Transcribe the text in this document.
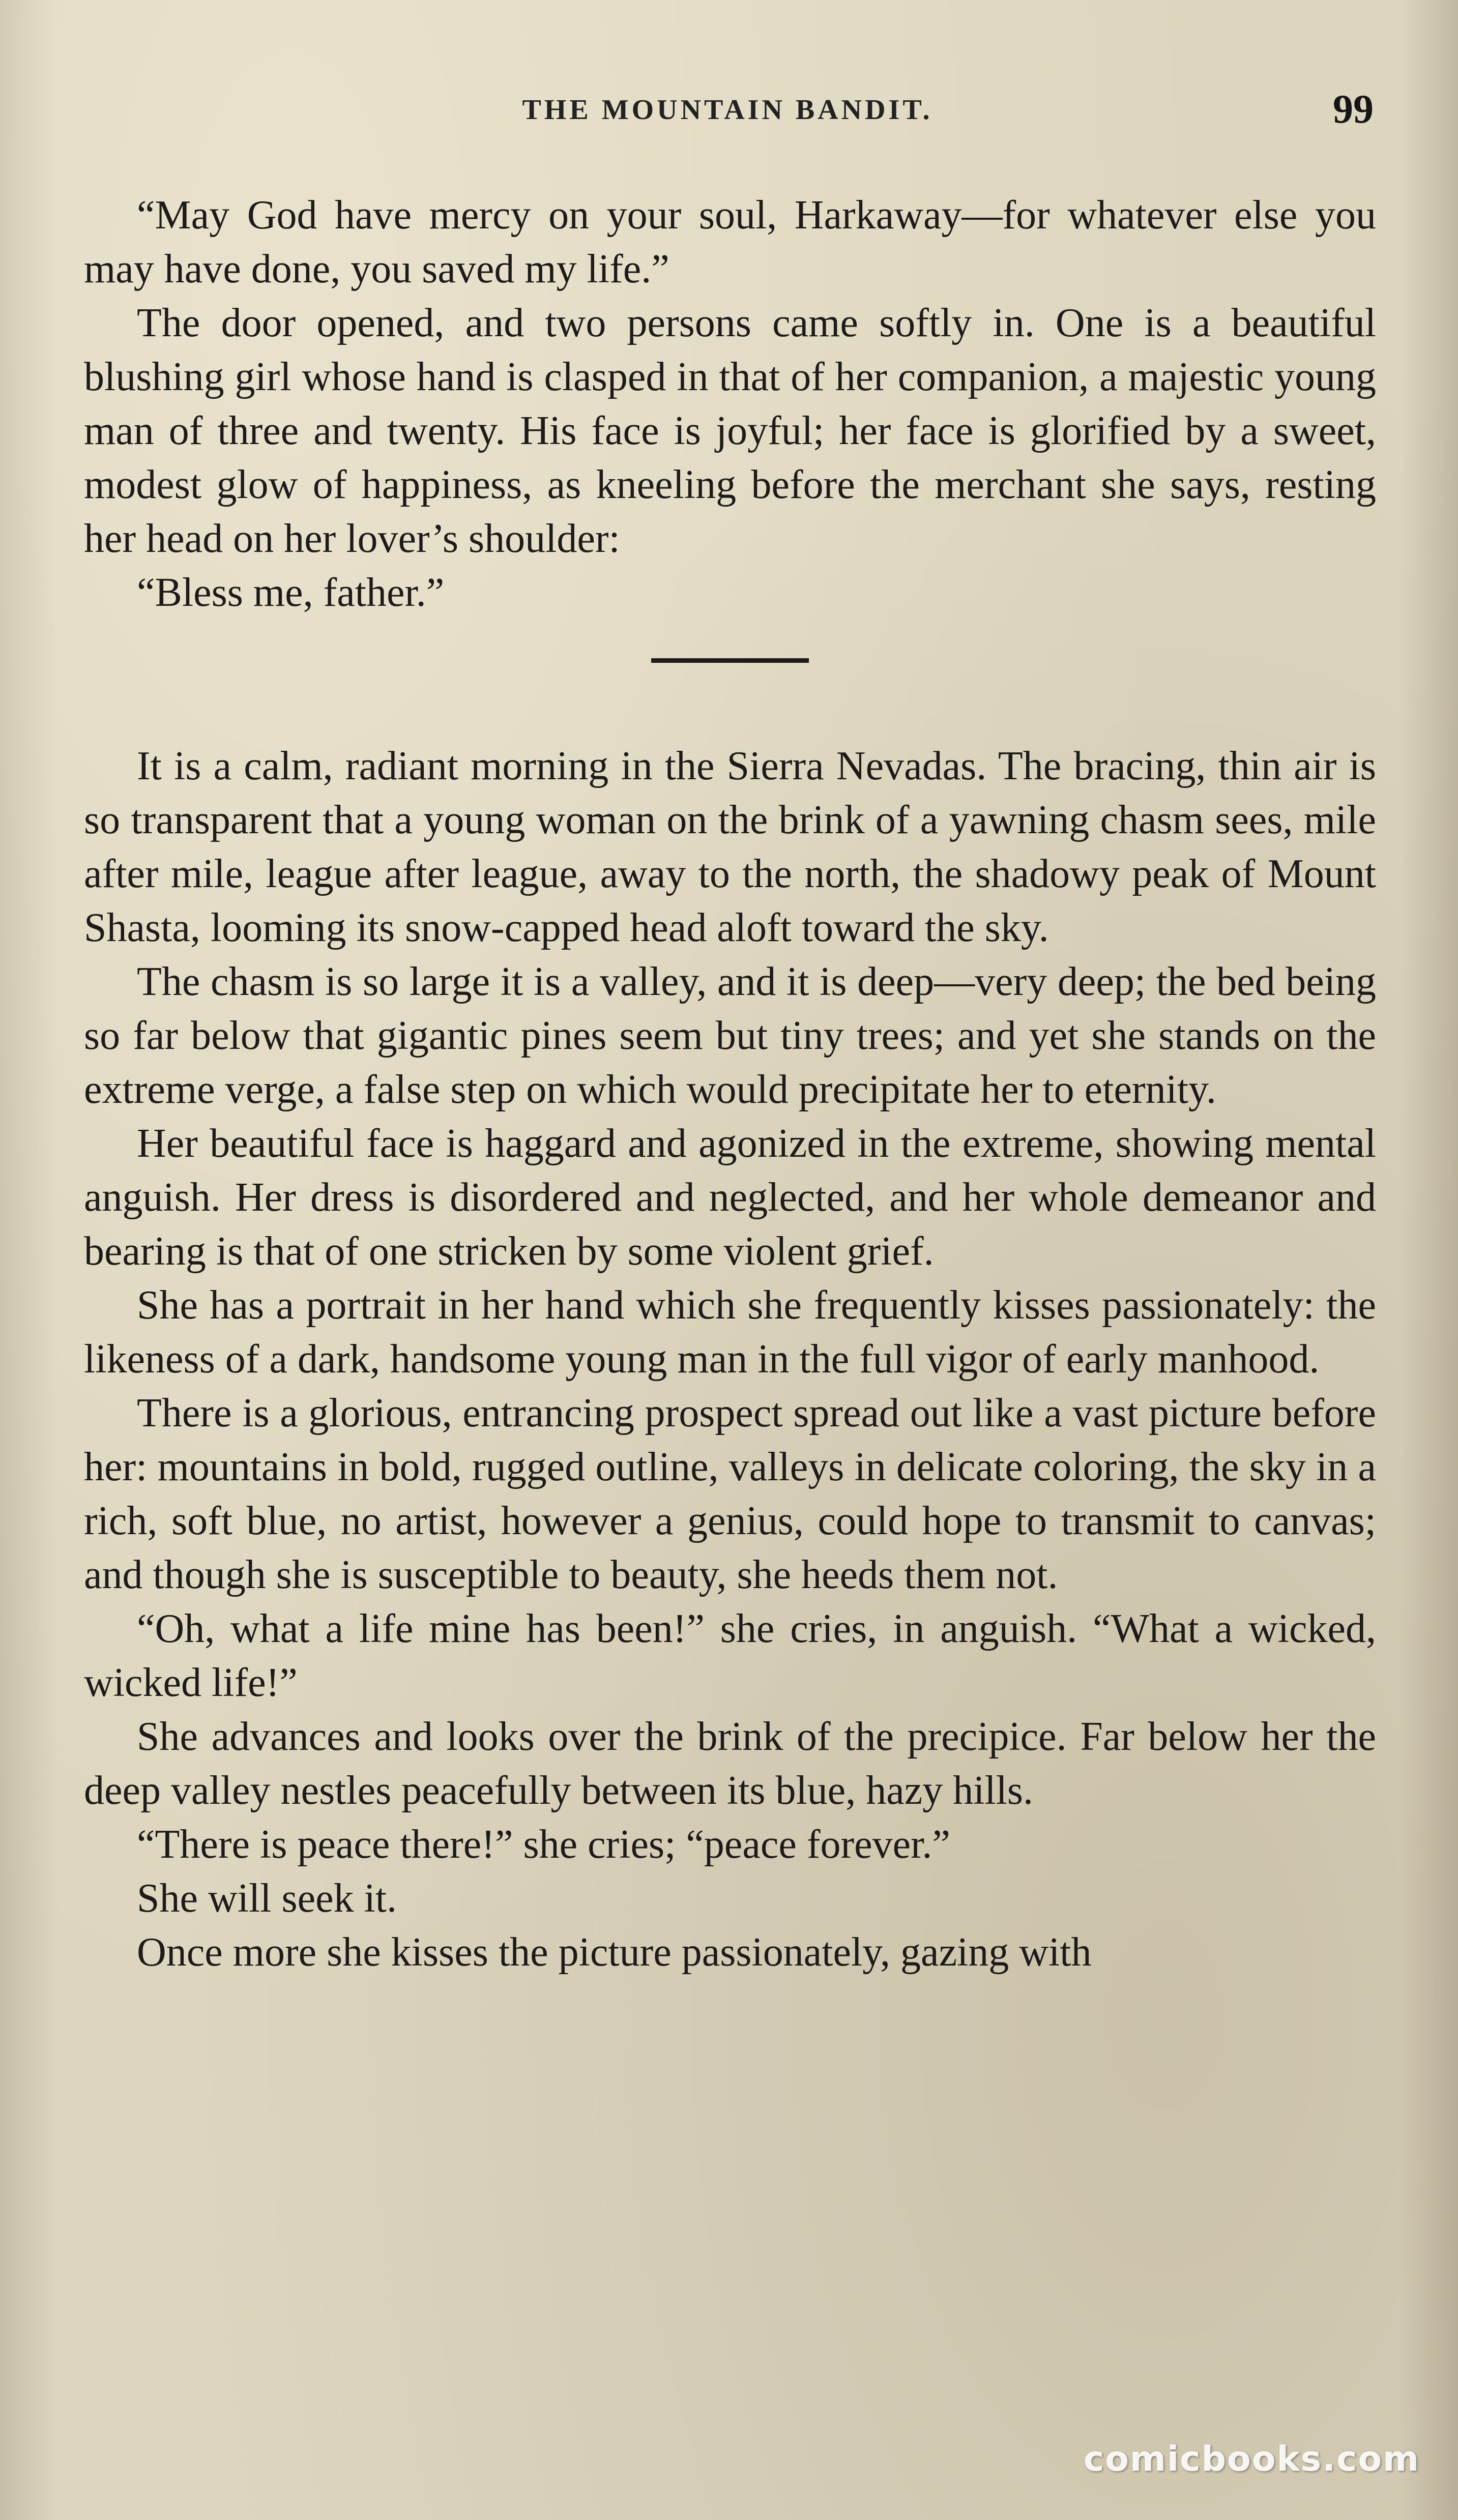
THE MOUNTAIN BANDIT.	99

“May God have mercy on your soul, Harkaway—for whatever else you may have done, you saved my life.”

The door opened, and two persons came softly in. One is a beautiful blushing girl whose hand is clasped in that of her companion, a majestic young man of three and twenty. His face is joyful; her face is glorified by a sweet, modest glow of happiness, as kneeling before the merchant she says, resting her head on her lover’s shoulder:

“Bless me, father.”

It is a calm, radiant morning in the Sierra Nevadas. The bracing, thin air is so transparent that a young woman on the brink of a yawning chasm sees, mile after mile, league after league, away to the north, the shadowy peak of Mount Shasta, looming its snow-capped head aloft toward the sky.

The chasm is so large it is a valley, and it is deep—very deep; the bed being so far below that gigantic pines seem but tiny trees; and yet she stands on the extreme verge, a false step on which would precipitate her to eternity.

Her beautiful face is haggard and agonized in the extreme, showing mental anguish. Her dress is disordered and neglected, and her whole demeanor and bearing is that of one stricken by some violent grief.

She has a portrait in her hand which she frequently kisses passionately: the likeness of a dark, handsome young man in the full vigor of early manhood.

There is a glorious, entrancing prospect spread out like a vast picture before her: mountains in bold, rugged outline, valleys in delicate coloring, the sky in a rich, soft blue, no artist, however a genius, could hope to transmit to canvas; and though she is susceptible to beauty, she heeds them not.

“Oh, what a life mine has been!” she cries, in anguish. “What a wicked, wicked life!”

She advances and looks over the brink of the precipice. Far below her the deep valley nestles peacefully between its blue, hazy hills.

“There is peace there!” she cries; “peace forever.”

She will seek it.

Once more she kisses the picture passionately, gazing with

comicbooks.com
